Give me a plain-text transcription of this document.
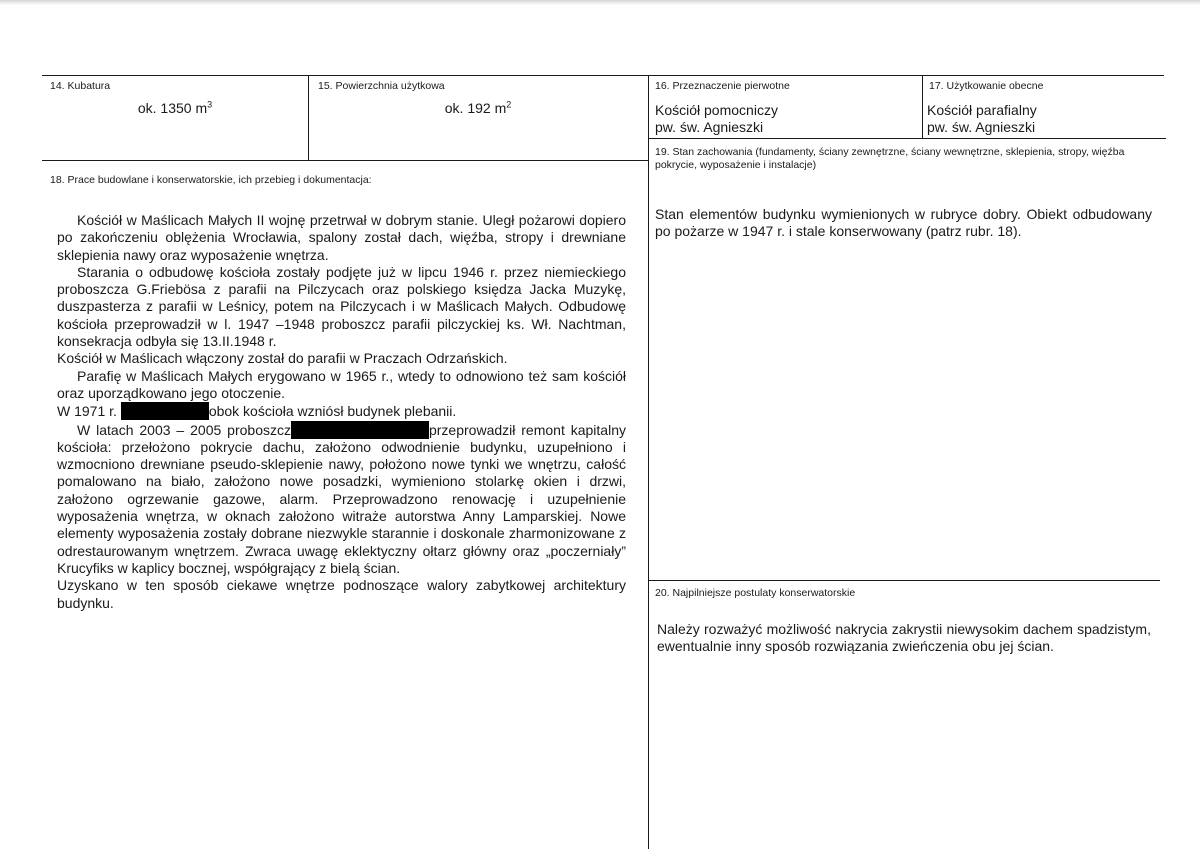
14. Kubatura
ok. 1350 $m^3$
15. Powierzchnia użytkowa
ok. 192 $m^2$
16. Przeznaczenie pierwotne
Kościół pomocniczy
pw. św. Agnieszki
17. Użytkowanie obecne
Kościół parafialny
pw. św. Agnieszki
18. Prace budowlane i konserwatorskie, ich przebieg i dokumentacja:

Kościół w Maślicach Małych II wojnę przetrwał w dobrym stanie. Uległ pożarowi dopiero po zakończeniu oblężenia Wrocławia, spalony został dach, więźba, stropy i drewniane sklepienia nawy oraz wyposażenie wnętrza.

Starania o odbudowę kościoła zostały podjęte już w lipcu 1946 r. przez niemieckiego proboszcza G.Friebösa z parafii na Pilczycach oraz polskiego księdza Jacka Muzykę, duszpasterza z parafii w Leśnicy, potem na Pilczycach i w Maślicach Małych. Odbudowę kościoła przeprowadził w l. 1947 –1948 proboszcz parafii pilczyckiej ks. Wł. Nachtman, konsekracja odbyła się 13.II.1948 r.

Kościół w Maślicach włączony został do parafii w Praczach Odrzańskich.

Parafię w Maślicach Małych erygowano w 1965 r., wtedy to odnowiono też sam kościół oraz uporządkowano jego otoczenie.

W 1971 r.	obok kościoła wzniósł budynek plebanii.

W latach 2003 – 2005 proboszcz	przeprowadził remont kapitalny kościoła: przełożono pokrycie dachu, założono odwodnienie budynku, uzupełniono i wzmocniono drewniane pseudo-sklepienie nawy, położono nowe tynki we wnętrzu, całość pomalowano na biało, założono nowe posadzki, wymieniono stolarkę okien i drzwi, założono ogrzewanie gazowe, alarm. Przeprowadzono renowację i uzupełnienie wyposażenia wnętrza, w oknach założono witraże autorstwa Anny Lamparskiej. Nowe elementy wyposażenia zostały dobrane niezwykle starannie i doskonale zharmonizowane z odrestaurowanym wnętrzem. Zwraca uwagę eklektyczny ołtarz główny oraz „poczerniały” Krucyfiks w kaplicy bocznej, współgrający z bielą ścian.

Uzyskano w ten sposób ciekawe wnętrze podnoszące walory zabytkowej architektury budynku.

19. Stan zachowania (fundamenty, ściany zewnętrzne, ściany wewnętrzne, sklepienia, stropy, więźba pokrycie, wyposażenie i instalacje)
Stan elementów budynku wymienionych w rubryce dobry. Obiekt odbudowany po pożarze w 1947 r. i stale konserwowany (patrz rubr. 18).
20. Najpilniejsze postulaty konserwatorskie
Należy rozważyć możliwość nakrycia zakrystii niewysokim dachem spadzistym, ewentualnie inny sposób rozwiązania zwieńczenia obu jej ścian.
